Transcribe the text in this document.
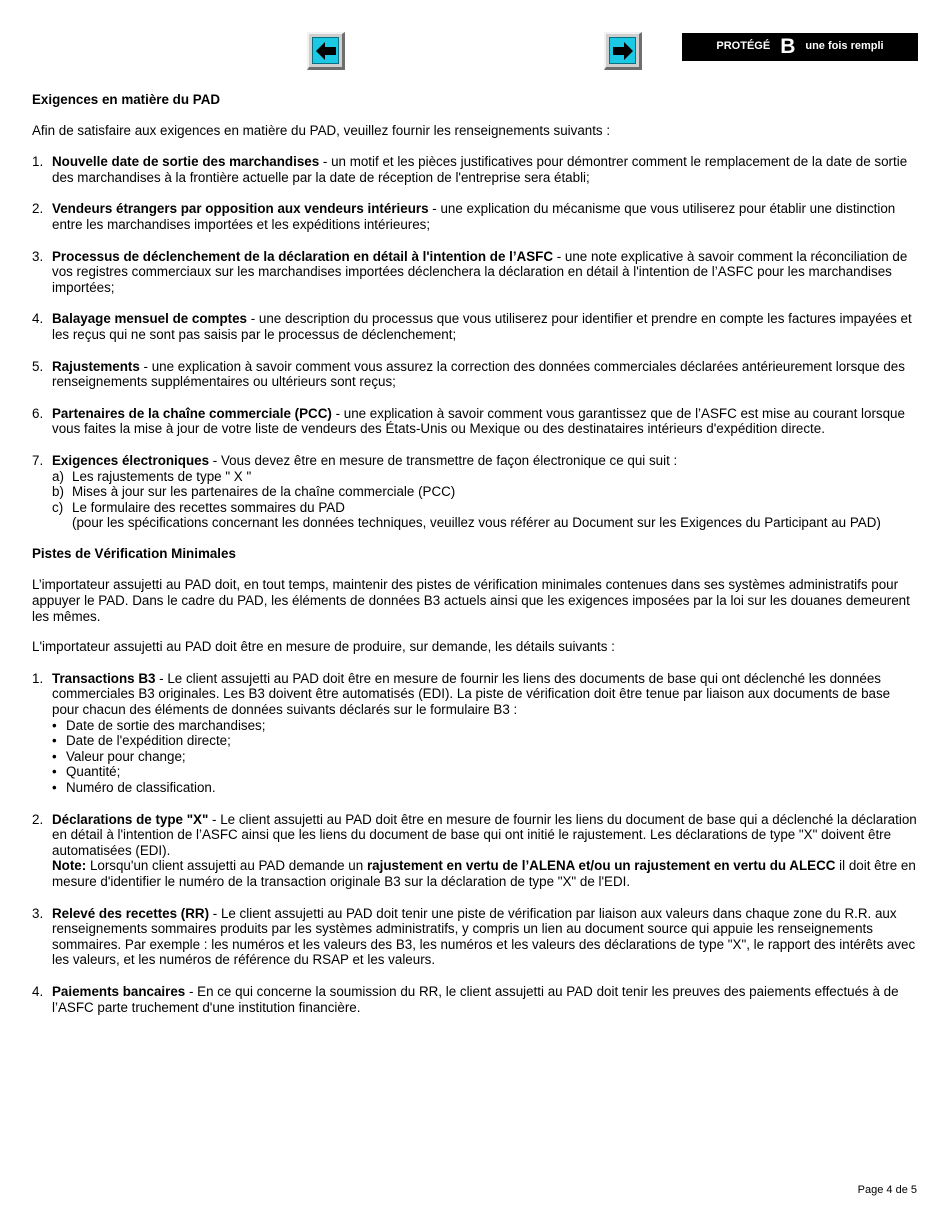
PROTÉGÉ B une fois rempli

Exigences en matière du PAD

Afin de satisfaire aux exigences en matière du PAD, veuillez fournir les renseignements suivants :

1. Nouvelle date de sortie des marchandises - un motif et les pièces justificatives pour démontrer comment le remplacement de la date de sortie des marchandises à la frontière actuelle par la date de réception de l'entreprise sera établi;
2. Vendeurs étrangers par opposition aux vendeurs intérieurs - une explication du mécanisme que vous utiliserez pour établir une distinction entre les marchandises importées et les expéditions intérieures;
3. Processus de déclenchement de la déclaration en détail à l'intention de l’ASFC - une note explicative à savoir comment la réconciliation de vos registres commerciaux sur les marchandises importées déclenchera la déclaration en détail à l'intention de l’ASFC pour les marchandises importées;
4. Balayage mensuel de comptes - une description du processus que vous utiliserez pour identifier et prendre en compte les factures impayées et les reçus qui ne sont pas saisis par le processus de déclenchement;
5. Rajustements - une explication à savoir comment vous assurez la correction des données commerciales déclarées antérieurement lorsque des renseignements supplémentaires ou ultérieurs sont reçus;
6. Partenaires de la chaîne commerciale (PCC) - une explication à savoir comment vous garantissez que de l’ASFC est mise au courant lorsque vous faites la mise à jour de votre liste de vendeurs des États-Unis ou Mexique ou des destinataires intérieurs d'expédition directe.
7. Exigences électroniques - Vous devez être en mesure de transmettre de façon électronique ce qui suit :
a) Les rajustements de type " X "
b) Mises à jour sur les partenaires de la chaîne commerciale (PCC)
c) Le formulaire des recettes sommaires du PAD
(pour les spécifications concernant les données techniques, veuillez vous référer au Document sur les Exigences du Participant au PAD)

Pistes de Vérification Minimales

L’importateur assujetti au PAD doit, en tout temps, maintenir des pistes de vérification minimales contenues dans ses systèmes administratifs pour appuyer le PAD. Dans le cadre du PAD, les éléments de données B3 actuels ainsi que les exigences imposées par la loi sur les douanes demeurent les mêmes.

L'importateur assujetti au PAD doit être en mesure de produire, sur demande, les détails suivants :

1. Transactions B3 - Le client assujetti au PAD doit être en mesure de fournir les liens des documents de base qui ont déclenché les données commerciales B3 originales. Les B3 doivent être automatisés (EDI). La piste de vérification doit être tenue par liaison aux documents de base pour chacun des éléments de données suivants déclarés sur le formulaire B3 :
• Date de sortie des marchandises;
• Date de l'expédition directe;
• Valeur pour change;
• Quantité;
• Numéro de classification.
2. Déclarations de type "X" - Le client assujetti au PAD doit être en mesure de fournir les liens du document de base qui a déclenché la déclaration en détail à l'intention de l’ASFC ainsi que les liens du document de base qui ont initié le rajustement. Les déclarations de type "X" doivent être automatisées (EDI).
Note: Lorsqu'un client assujetti au PAD demande un rajustement en vertu de l’ALENA et/ou un rajustement en vertu du ALECC il doit être en mesure d'identifier le numéro de la transaction originale B3 sur la déclaration de type "X" de l'EDI.
3. Relevé des recettes (RR) - Le client assujetti au PAD doit tenir une piste de vérification par liaison aux valeurs dans chaque zone du R.R. aux renseignements sommaires produits par les systèmes administratifs, y compris un lien au document source qui appuie les renseignements sommaires. Par exemple : les numéros et les valeurs des B3, les numéros et les valeurs des déclarations de type "X", le rapport des intérêts avec les valeurs, et les numéros de référence du RSAP et les valeurs.
4. Paiements bancaires - En ce qui concerne la soumission du RR, le client assujetti au PAD doit tenir les preuves des paiements effectués à de l’ASFC parte truchement d'une institution financière.
Page 4 de 5
